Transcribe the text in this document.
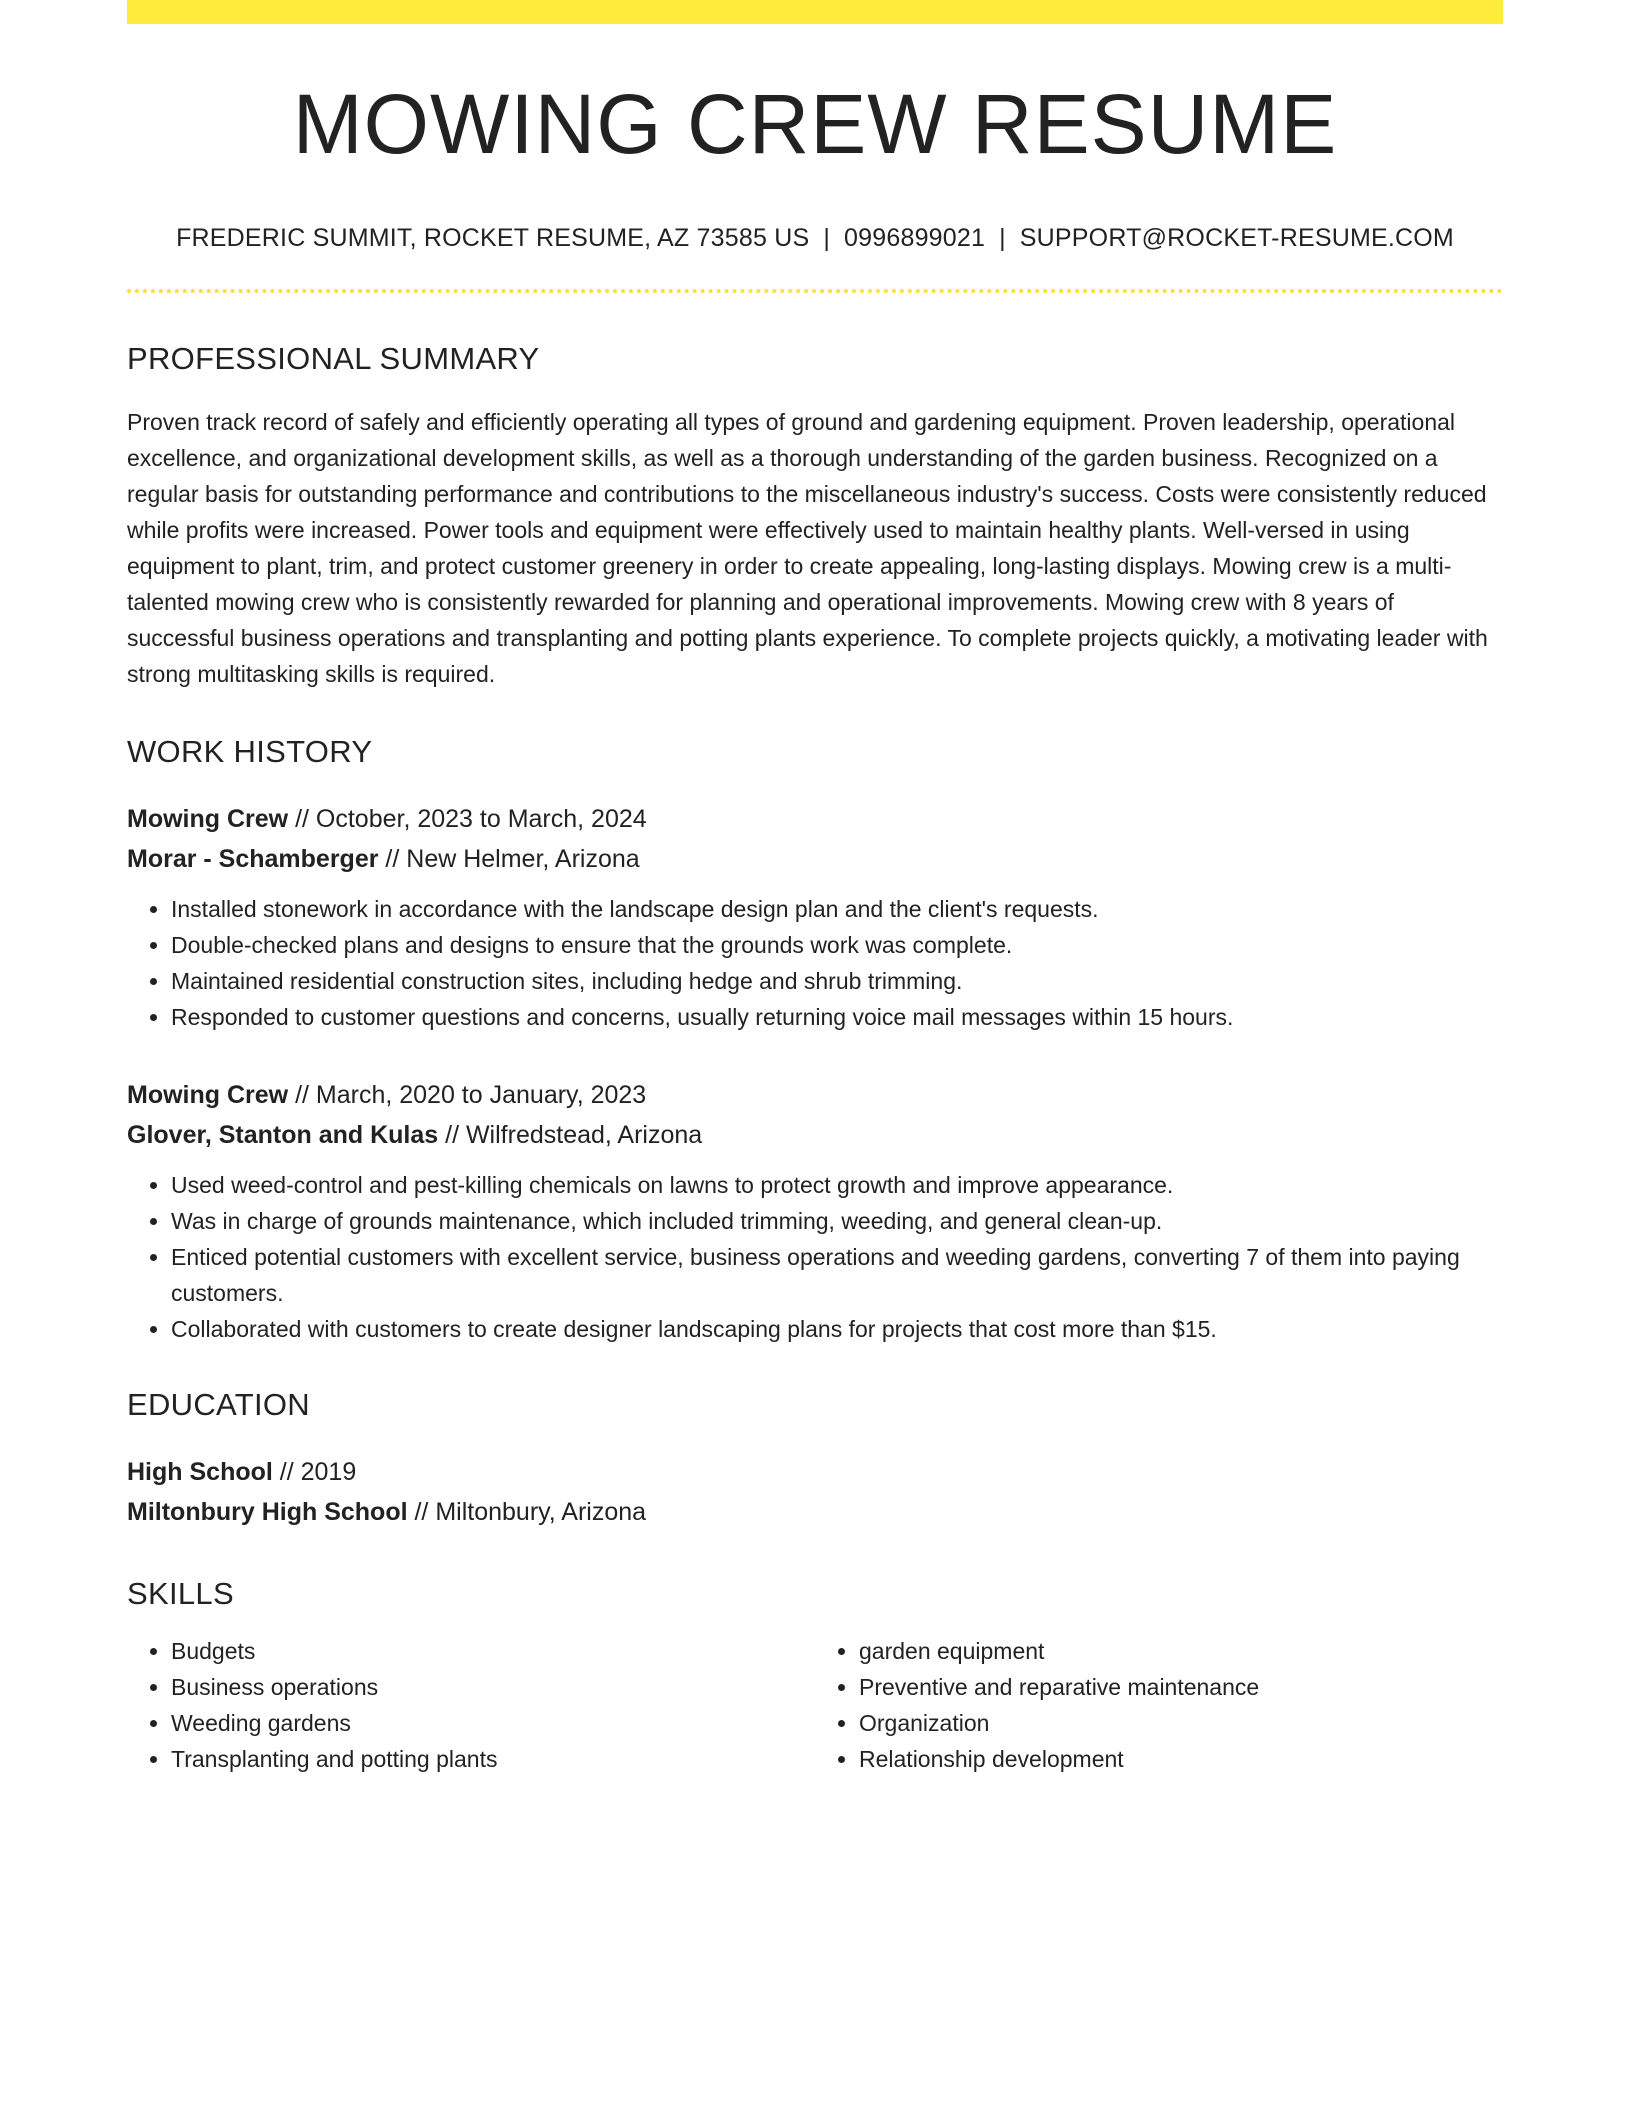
MOWING CREW RESUME
FREDERIC SUMMIT, ROCKET RESUME, AZ 73585 US | 0996899021 | SUPPORT@ROCKET-RESUME.COM
PROFESSIONAL SUMMARY

Proven track record of safely and efficiently operating all types of ground and gardening equipment. Proven leadership, operational excellence, and organizational development skills, as well as a thorough understanding of the garden business. Recognized on a regular basis for outstanding performance and contributions to the miscellaneous industry's success. Costs were consistently reduced while profits were increased. Power tools and equipment were effectively used to maintain healthy plants. Well-versed in using equipment to plant, trim, and protect customer greenery in order to create appealing, long-lasting displays. Mowing crew is a multi-talented mowing crew who is consistently rewarded for planning and operational improvements. Mowing crew with 8 years of successful business operations and transplanting and potting plants experience. To complete projects quickly, a motivating leader with strong multitasking skills is required.

WORK HISTORY
Mowing Crew // October, 2023 to March, 2024
Morar - Schamberger // New Helmer, Arizona
• Installed stonework in accordance with the landscape design plan and the client's requests.
• Double-checked plans and designs to ensure that the grounds work was complete.
• Maintained residential construction sites, including hedge and shrub trimming.
• Responded to customer questions and concerns, usually returning voice mail messages within 15 hours.
Mowing Crew // March, 2020 to January, 2023
Glover, Stanton and Kulas // Wilfredstead, Arizona
• Used weed-control and pest-killing chemicals on lawns to protect growth and improve appearance.
• Was in charge of grounds maintenance, which included trimming, weeding, and general clean-up.
• Enticed potential customers with excellent service, business operations and weeding gardens, converting 7 of them into paying customers.
• Collaborated with customers to create designer landscaping plans for projects that cost more than $15.
EDUCATION
High School // 2019
Miltonbury High School // Miltonbury, Arizona
SKILLS
• Budgets
• Business operations
• Weeding gardens
• Transplanting and potting plants
• garden equipment
• Preventive and reparative maintenance
• Organization
• Relationship development
